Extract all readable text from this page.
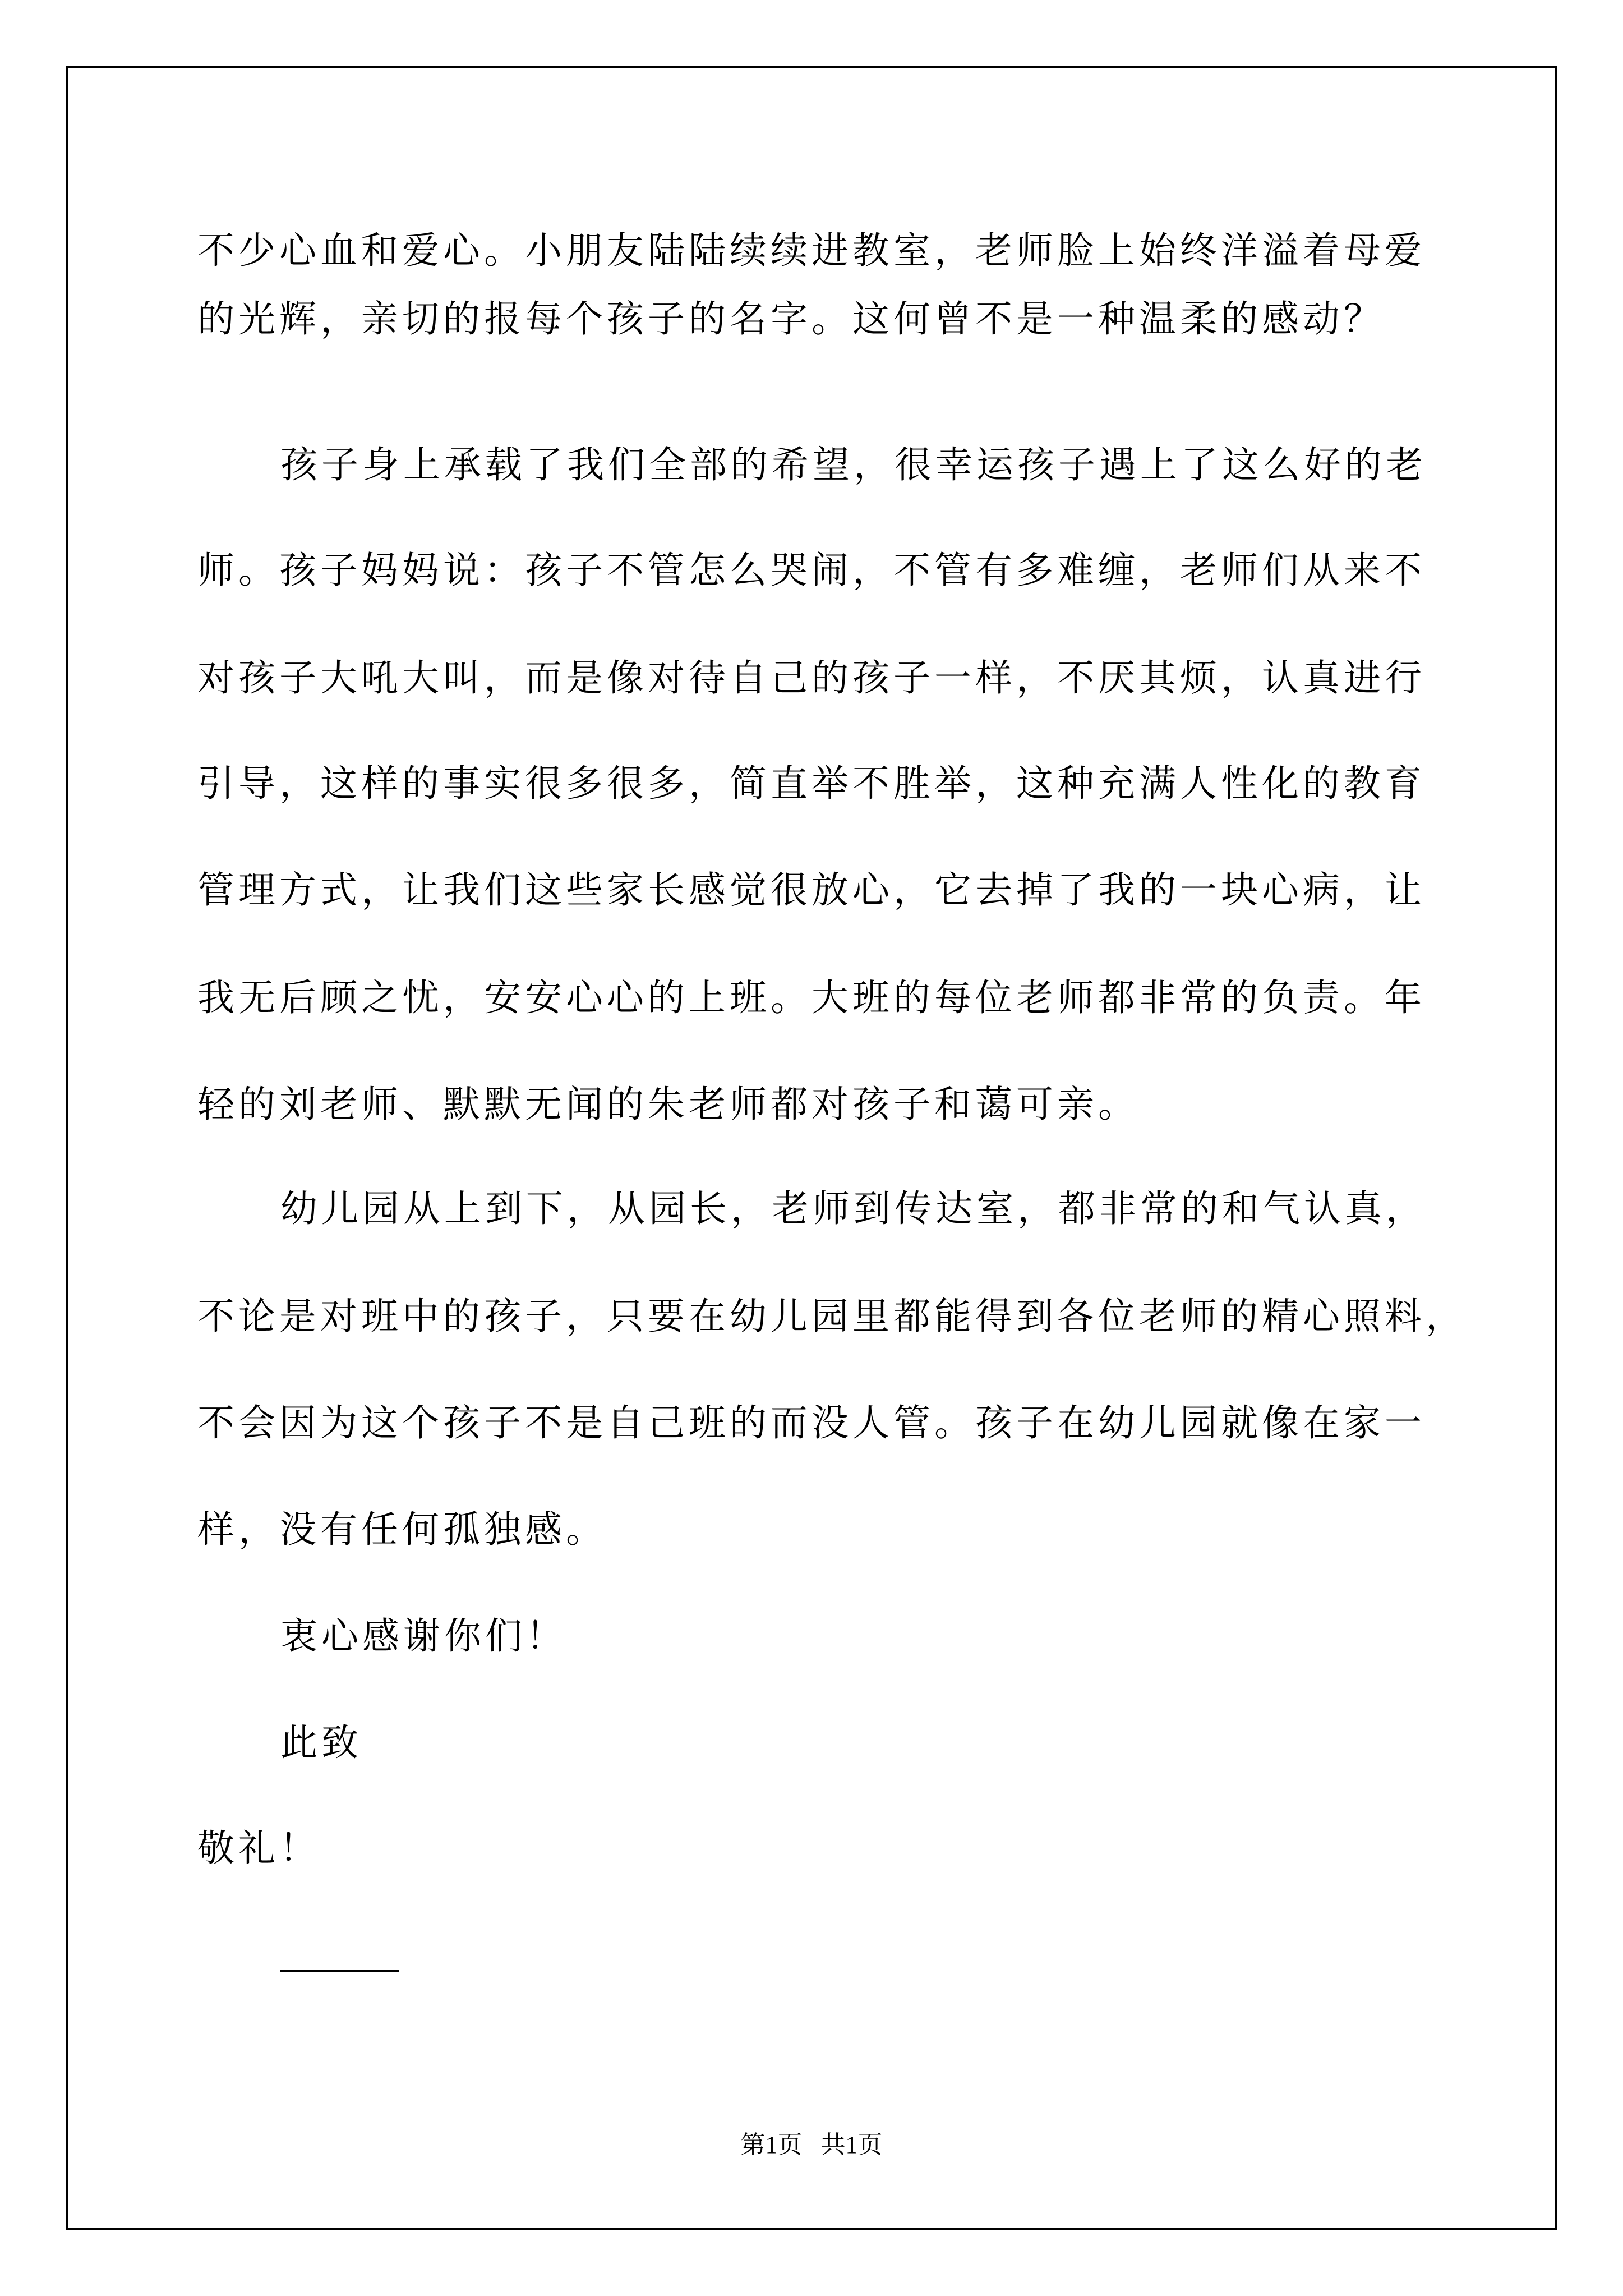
不少心血和爱心。小朋友陆陆续续进教室，老师脸上始终洋溢着母爱
的光辉，亲切的报每个孩子的名字。这何曾不是一种温柔的感动？
孩子身上承载了我们全部的希望，很幸运孩子遇上了这么好的老
师。孩子妈妈说：孩子不管怎么哭闹，不管有多难缠，老师们从来不
对孩子大吼大叫，而是像对待自己的孩子一样，不厌其烦，认真进行
引导，这样的事实很多很多，简直举不胜举，这种充满人性化的教育
管理方式，让我们这些家长感觉很放心，它去掉了我的一块心病，让
我无后顾之忧，安安心心的上班。大班的每位老师都非常的负责。年
轻的刘老师、默默无闻的朱老师都对孩子和蔼可亲。
幼儿园从上到下，从园长，老师到传达室，都非常的和气认真，
不论是对班中的孩子，只要在幼儿园里都能得到各位老师的精心照料，
不会因为这个孩子不是自己班的而没人管。孩子在幼儿园就像在家一
样，没有任何孤独感。
衷心感谢你们！
此致
敬礼！
第1页   共1页
